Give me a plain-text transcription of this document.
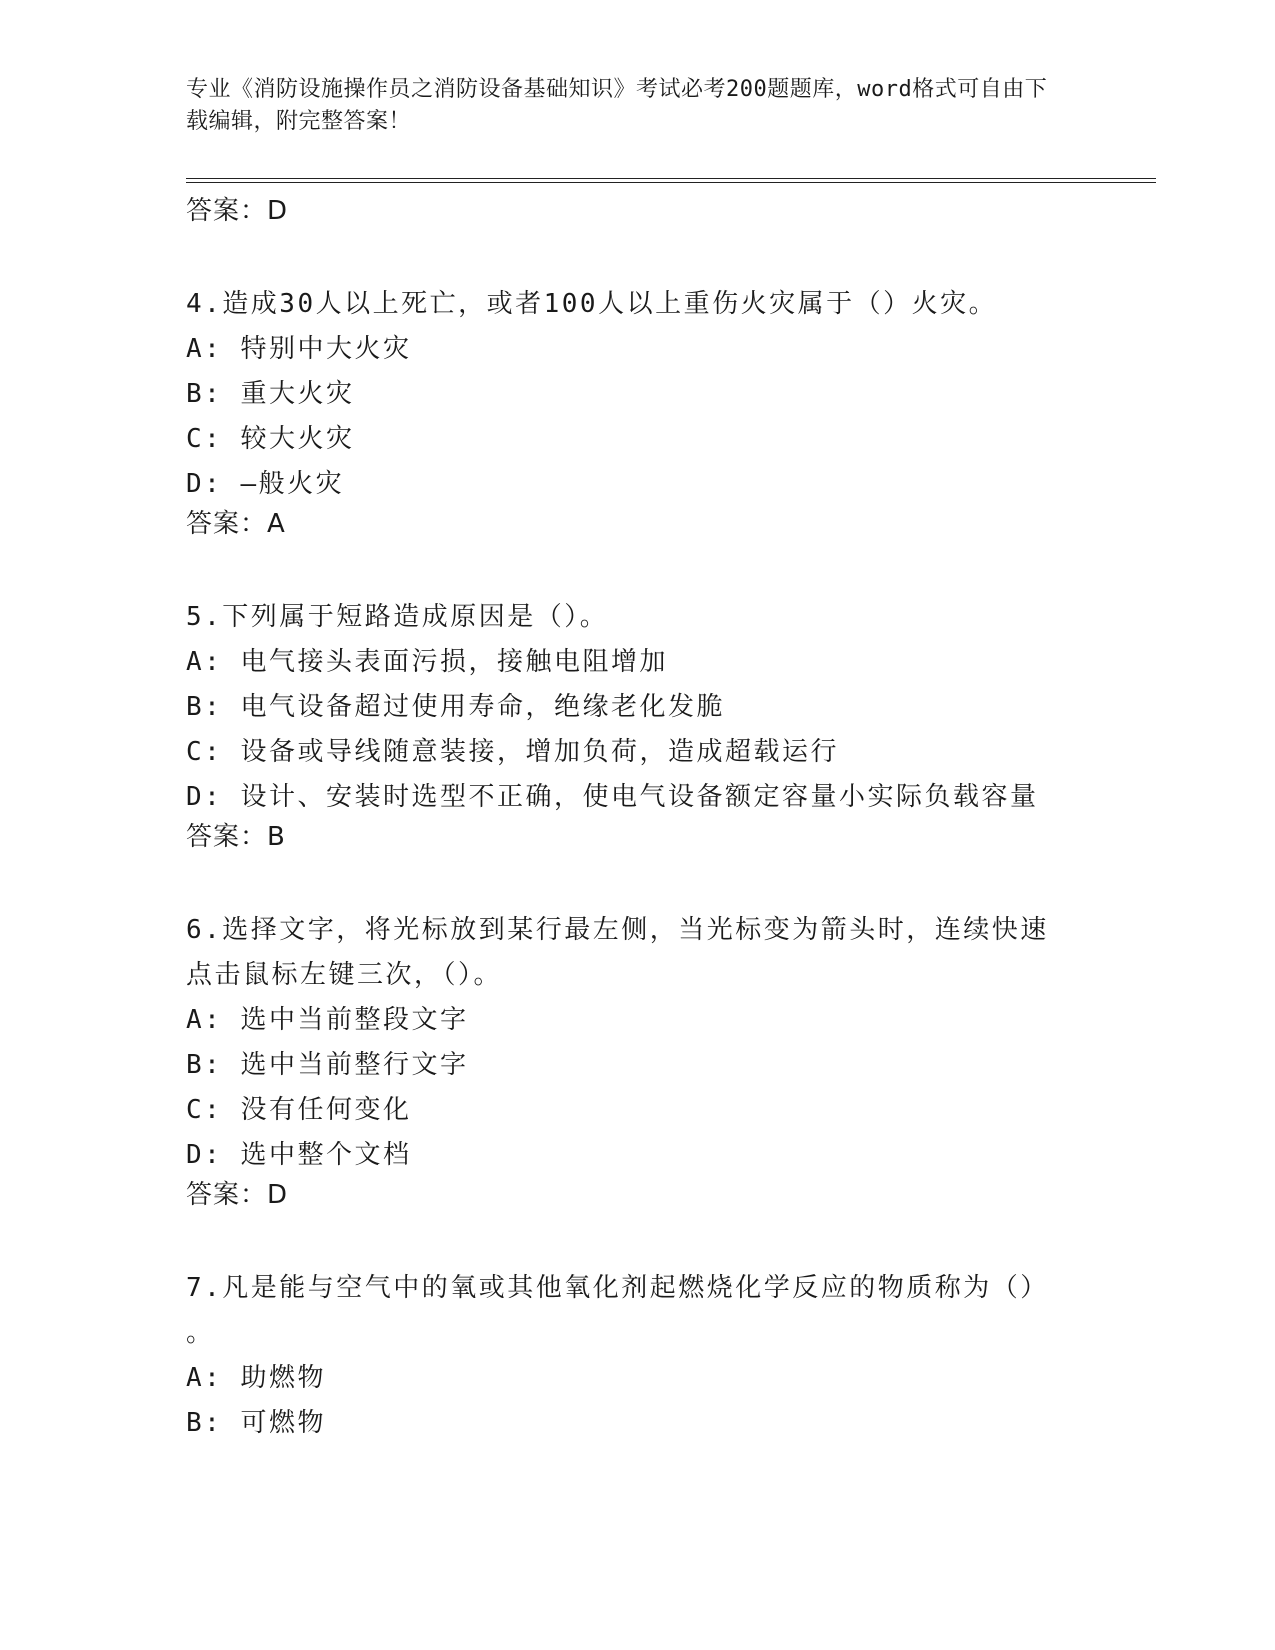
专业《消防设施操作员之消防设备基础知识》考试必考200题题库，word格式可自由下载编辑，附完整答案！

答案：D

4.造成30人以上死亡，或者100人以上重伤火灾属于（）火灾。

A: 特别中大火灾
B: 重大火灾
C: 较大火灾
D: —般火灾

答案：A

5.下列属于短路造成原因是（）。

A: 电气接头表面污损，接触电阻增加
B: 电气设备超过使用寿命，绝缘老化发脆
C: 设备或导线随意装接，增加负荷，造成超载运行
D: 设计、安装时选型不正确，使电气设备额定容量小实际负载容量

答案：B

6.选择文字，将光标放到某行最左侧，当光标变为箭头时，连续快速点击鼠标左键三次，（）。

A: 选中当前整段文字
B: 选中当前整行文字
C: 没有任何变化
D: 选中整个文档

答案：D

7.凡是能与空气中的氧或其他氧化剂起燃烧化学反应的物质称为（）
。

A: 助燃物
B: 可燃物
